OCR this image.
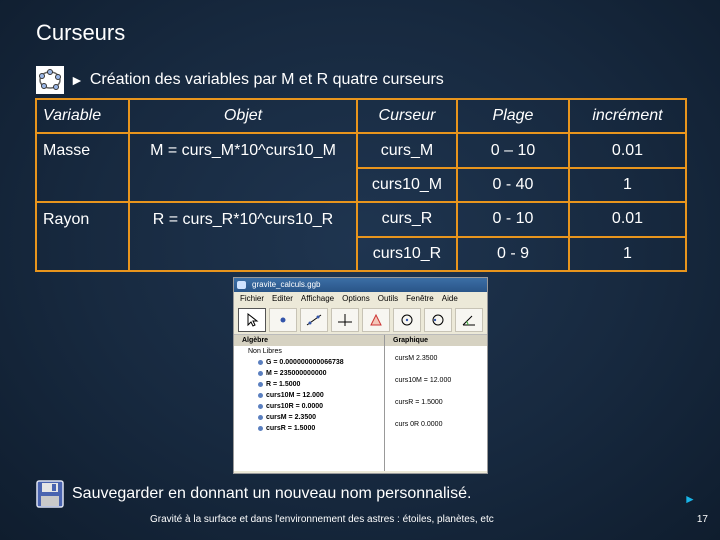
Curseurs
► Création des variables par M et R quatre curseurs
Variable	Objet	Curseur	Plage	incrément
Masse	M = curs_M*10^curs10_M	curs_M	0 – 10	0.01
		curs10_M	0 - 40	1
Rayon	R = curs_R*10^curs10_R	curs_R	0 - 10	0.01
		curs10_R	0 - 9	1
gravite_calculs.ggb
Fichier Editer Affichage Options Outils Fenêtre Aide
Algèbre
Non Libres
G = 0.000000000066738
M = 235000000000
R = 1.5000
curs10M = 12.000
curs10R = 0.0000
cursM = 2.3500
cursR = 1.5000
Graphique
cursM 2.3500
curs10M = 12.000
cursR = 1.5000
curs 0R 0.0000
Sauvegarder en donnant un nouveau nom personnalisé.	►
Gravité à la surface et dans l'environnement des astres : étoiles, planètes, etc	17
